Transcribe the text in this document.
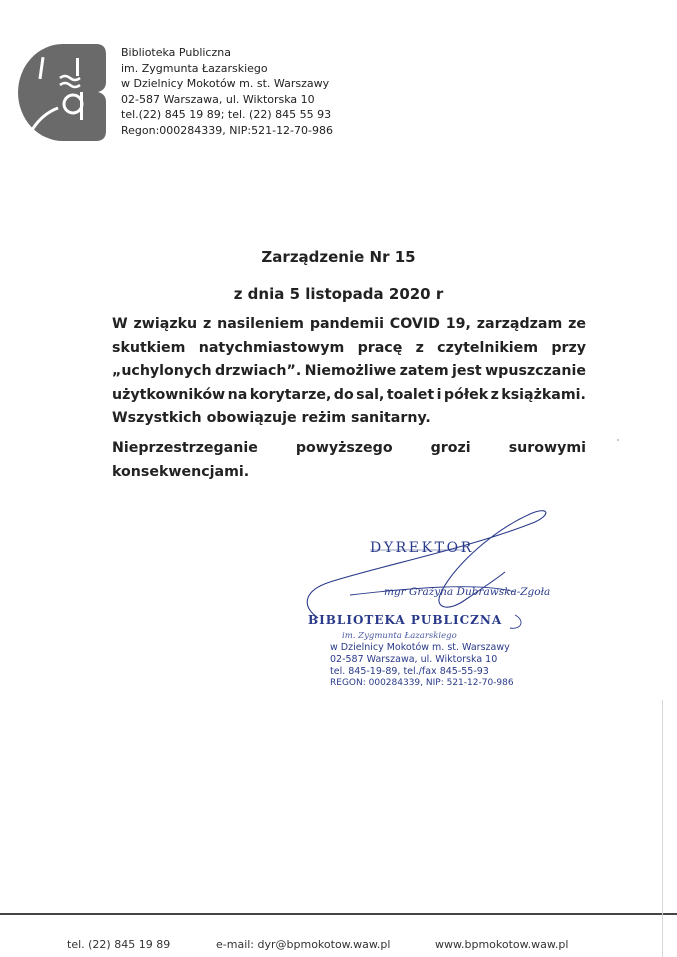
Biblioteka Publiczna
im. Zygmunta Łazarskiego
w Dzielnicy Mokotów m. st. Warszawy
02-587 Warszawa, ul. Wiktorska 10
tel.(22) 845 19 89; tel. (22) 845 55 93
Regon:000284339, NIP:521-12-70-986
Zarządzenie Nr 15
z dnia 5 listopada 2020 r
W związku z nasileniem pandemii COVID 19, zarządzam ze
skutkiem natychmiastowym pracę z czytelnikiem przy
„uchylonych drzwiach”. Niemożliwe zatem jest wpuszczanie
użytkowników na korytarze, do sal, toalet i półek z książkami.
Wszystkich obowiązuje reżim sanitarny.
Nieprzestrzeganie	powyższego	grozi	surowymi
konsekwencjami.
DYREKTOR
mgr Grażyna Dubrawska-Zgoła
BIBLIOTEKA PUBLICZNA
im. Zygmunta Łazarskiego
w Dzielnicy Mokotów m. st. Warszawy
02-587 Warszawa, ul. Wiktorska 10
tel. 845-19-89, tel./fax 845-55-93
REGON: 000284339, NIP: 521-12-70-986
tel. (22) 845 19 89	e-mail: dyr@bpmokotow.waw.pl	www.bpmokotow.waw.pl
